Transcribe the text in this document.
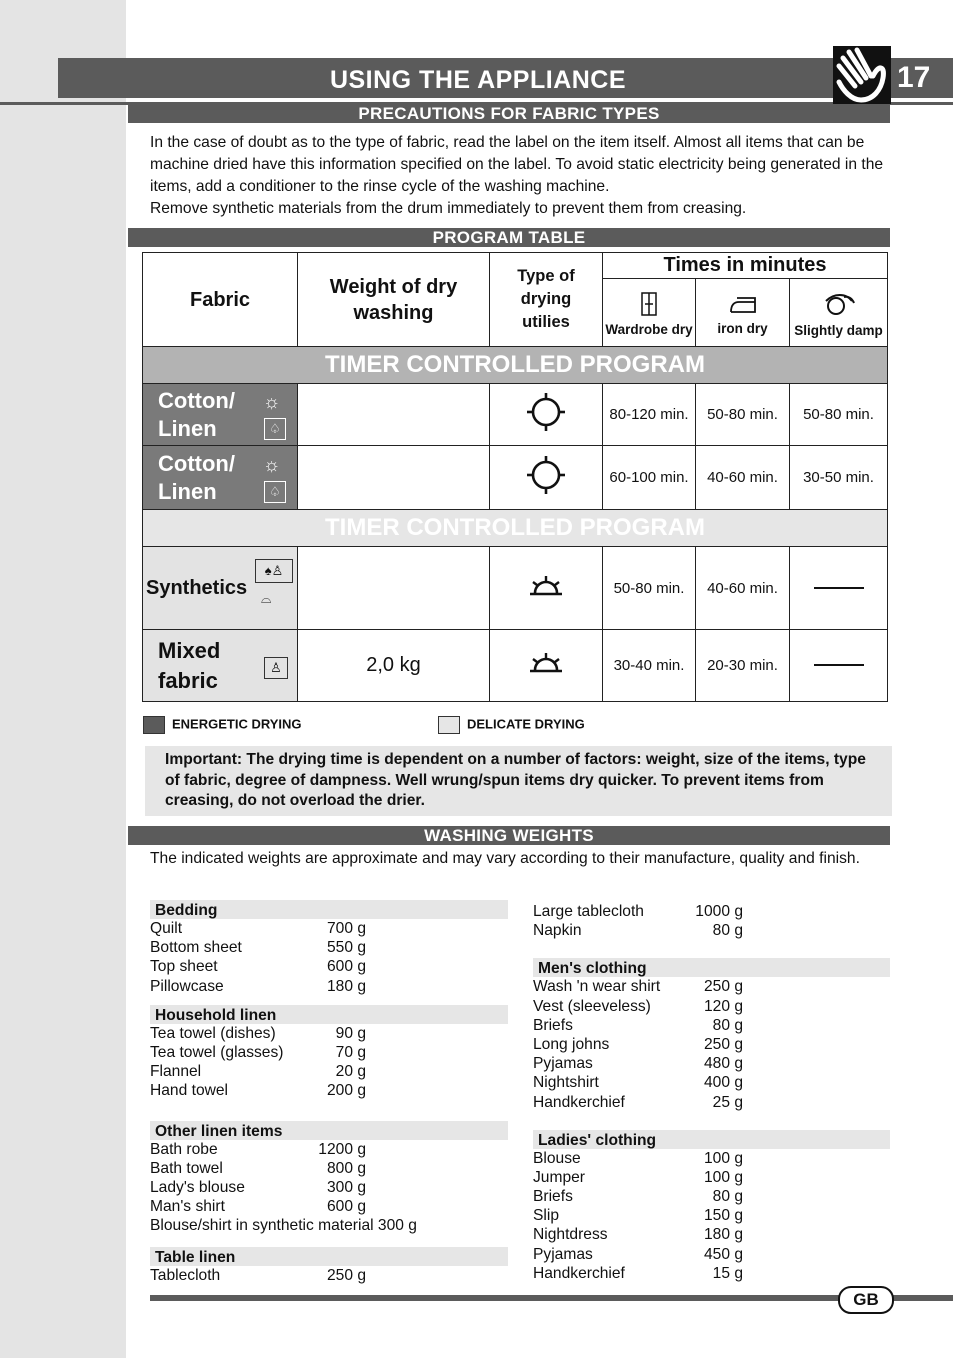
USING THE APPLIANCE	17
PRECAUTIONS FOR FABRIC TYPES

In the case of doubt as to the type of fabric, read the label on the item itself. Almost all items that can be machine dried have this information specified on the label. To avoid static electricity being generated in the items, add a conditioner to the rinse cycle of the washing machine.

Remove synthetic materials from the drum immediately to prevent them from creasing.

PROGRAM TABLE
Fabric	Weight of dry washing	Type of drying utilies	Times in minutes		

			Wardrobe dry	iron dry	Slightly damp

TIMER CONTROLLED PROGRAM					

Cotton/ Linen
☼
♤			80-120 min.	50-80 min.	50-80 min.

Cotton/ Linen
☼
♤			60-100 min.	40-60 min.	30-50 min.
TIMER CONTROLLED PROGRAM					

Synthetics
♠♙
⌓			50-80 min.	40-60 min.	

Mixed fabric ♙	2,0 kg		30-40 min.	20-30 min.	
ENERGETIC DRYING	DELICATE DRYING

Important: The drying time is dependent on a number of factors: weight, size of the items, type of fabric, degree of dampness. Well wrung/spun items dry quicker. To prevent items from creasing, do not overload the drier.

WASHING WEIGHTS
The indicated weights are approximate and may vary according to their manufacture, quality and finish.
Bedding
Quilt	700 g
Bottom sheet	550 g
Top sheet	600 g
Pillowcase	180 g
Household linen
Tea towel (dishes)	90 g
Tea towel (glasses)	70 g
Flannel	20 g
Hand towel	200 g
Other linen items
Bath robe	1200 g
Bath towel	800 g
Lady's blouse	300 g
Man's shirt	600 g
Blouse/shirt in synthetic material 300 g
Table linen
Tablecloth	250 g
Large tablecloth	1000 g
Napkin	80 g
Men's clothing
Wash 'n wear shirt	250 g
Vest (sleeveless)	120 g
Briefs	80 g
Long johns	250 g
Pyjamas	480 g
Nightshirt	400 g
Handkerchief	25 g
Ladies' clothing
Blouse	100 g
Jumper	100 g
Briefs	80 g
Slip	150 g
Nightdress	180 g
Pyjamas	450 g
Handkerchief	15 g
GB
